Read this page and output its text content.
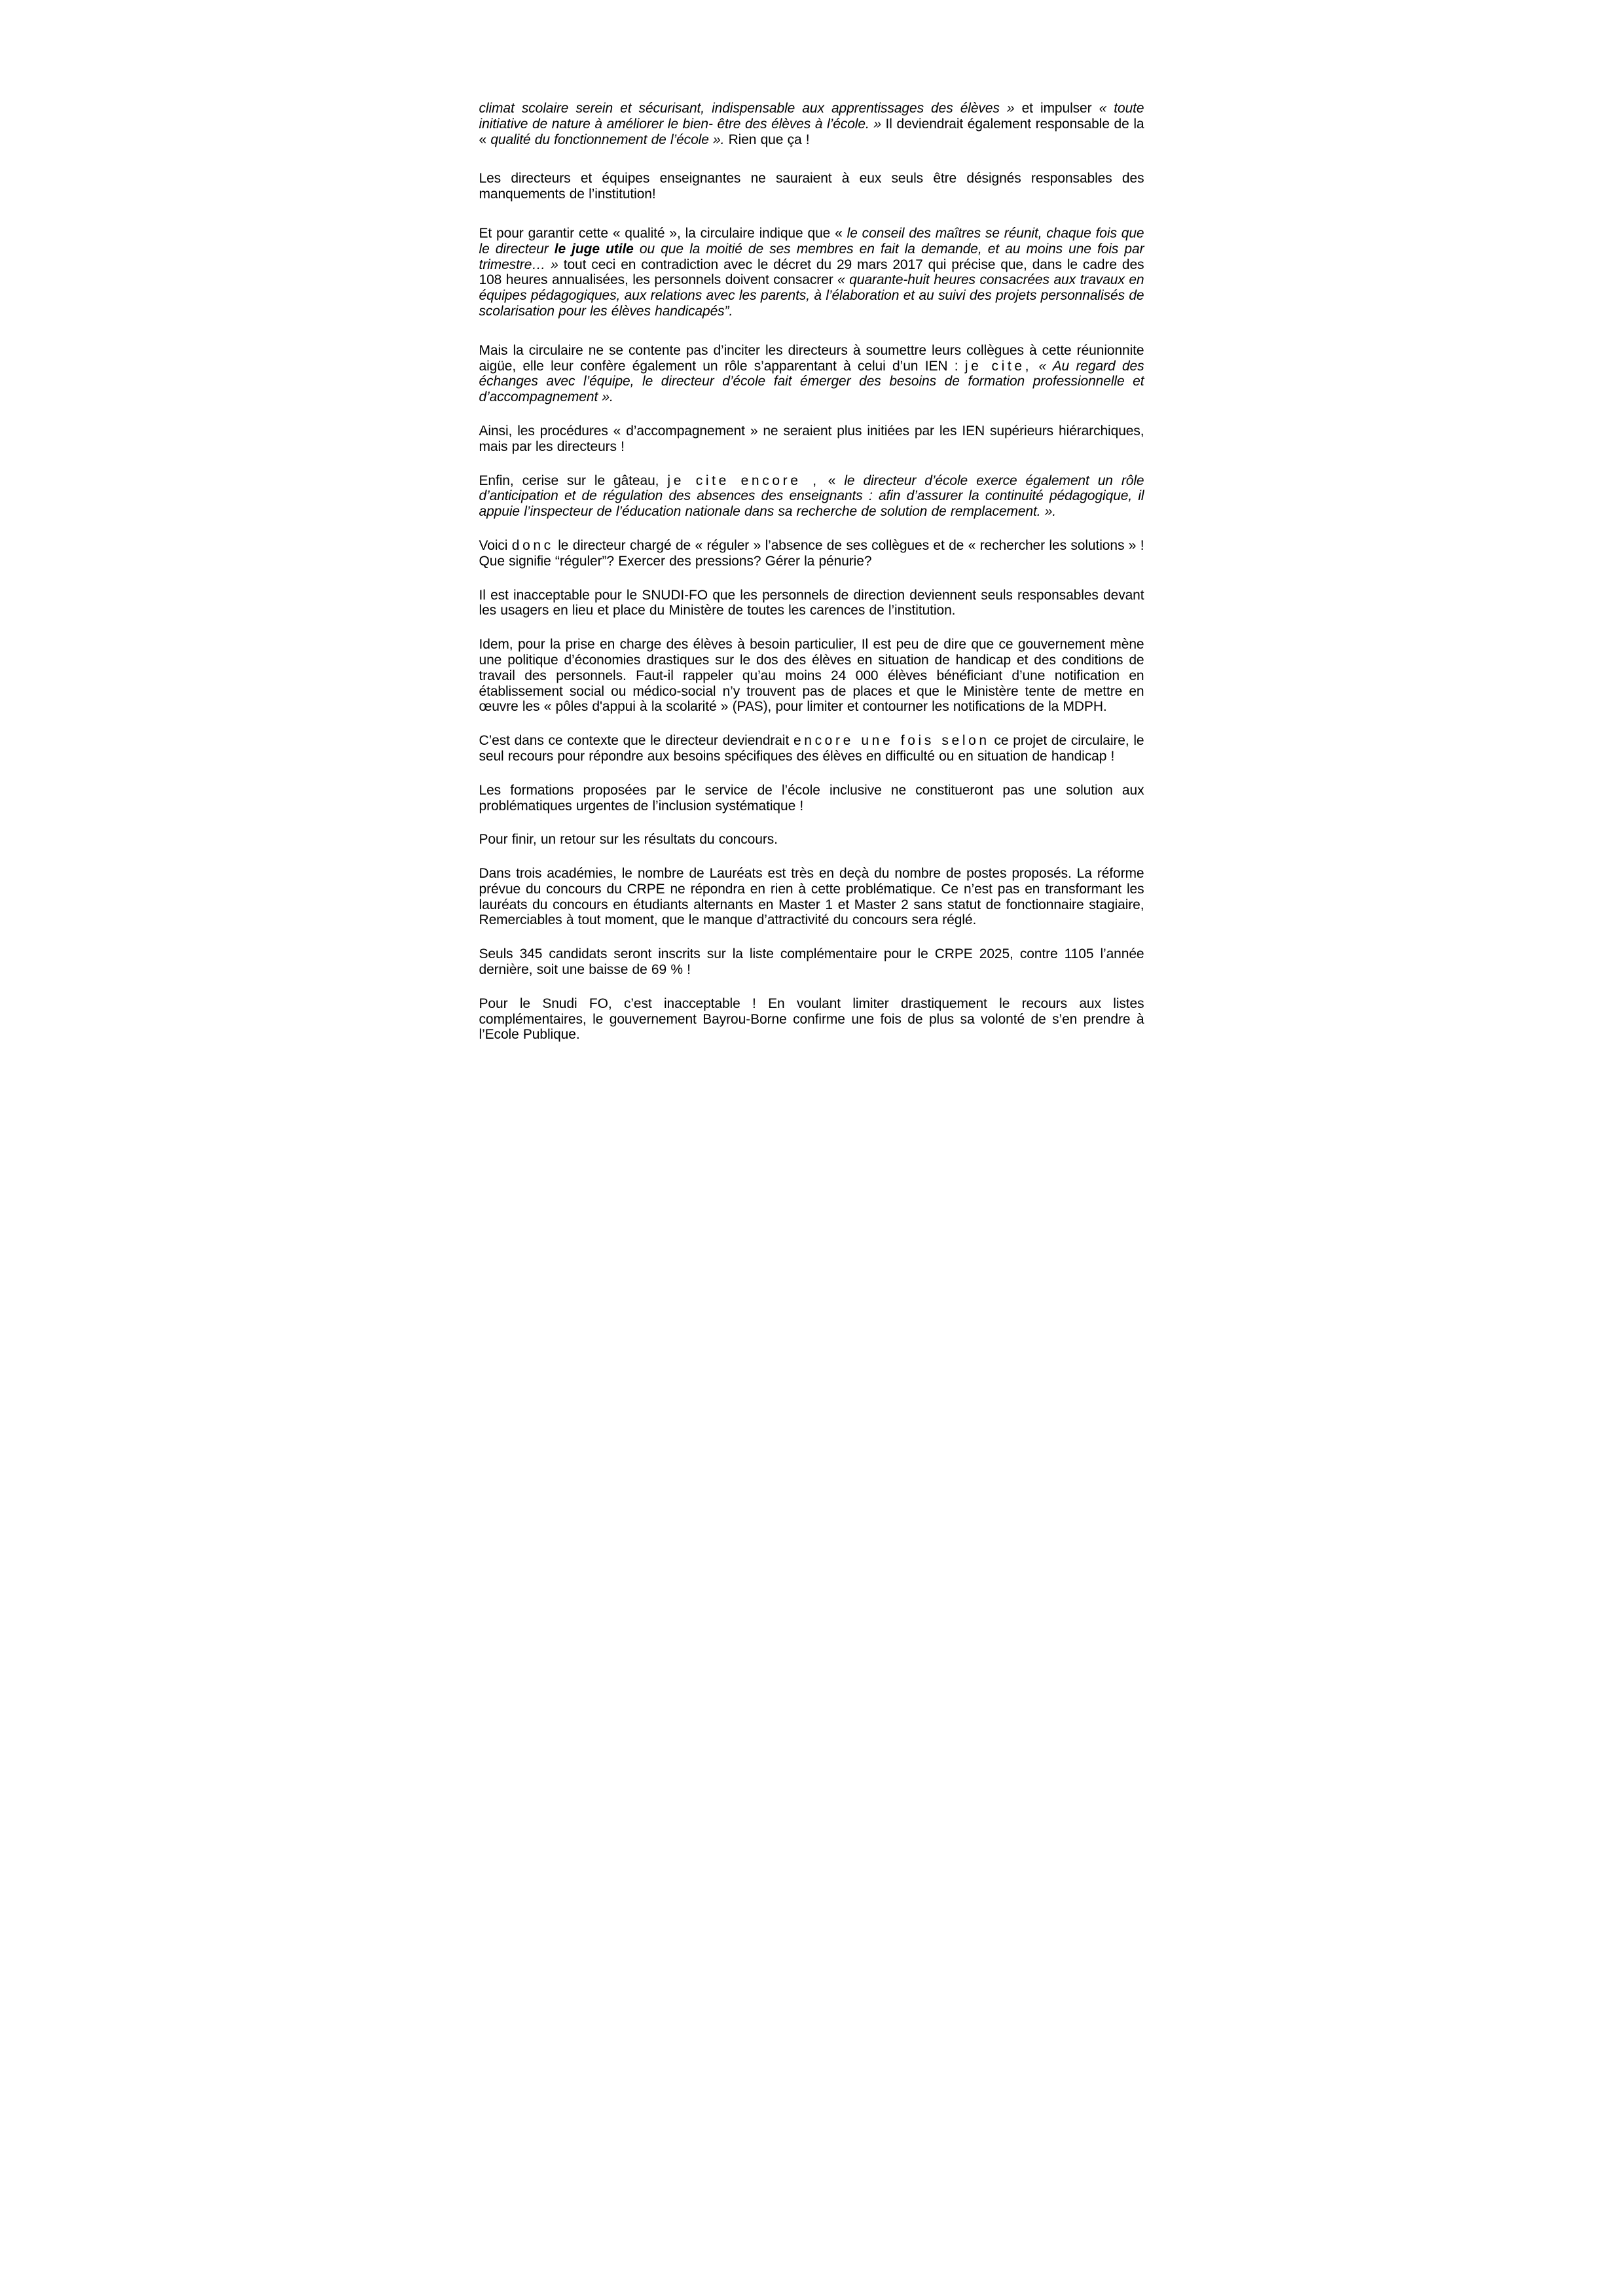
climat scolaire serein et sécurisant, indispensable aux apprentissages des élèves » et impulser « toute initiative de nature à améliorer le bien- être des élèves à l’école. » Il deviendrait également responsable de la « qualité du fonctionnement de l’école ». Rien que ça !

Les directeurs et équipes enseignantes ne sauraient à eux seuls être désignés responsables des manquements de l’institution!

Et pour garantir cette « qualité », la circulaire indique que « le conseil des maîtres se réunit, chaque fois que le directeur le juge utile ou que la moitié de ses membres en fait la demande, et au moins une fois par trimestre… » tout ceci en contradiction avec le décret du 29 mars 2017 qui précise que, dans le cadre des 108 heures annualisées, les personnels doivent consacrer « quarante-huit heures consacrées aux travaux en équipes pédagogiques, aux relations avec les parents, à l’élaboration et au suivi des projets personnalisés de scolarisation pour les élèves handicapés”.

Mais la circulaire ne se contente pas d’inciter les directeurs à soumettre leurs collègues à cette réunionnite aigüe, elle leur confère également un rôle s’apparentant à celui d’un IEN : je cite, « Au regard des échanges avec l’équipe, le directeur d’école fait émerger des besoins de formation professionnelle et d’accompagnement ».

Ainsi, les procédures « d’accompagnement » ne seraient plus initiées par les IEN supérieurs hiérarchiques, mais par les directeurs !

Enfin, cerise sur le gâteau, je cite encore , « le directeur d’école exerce également un rôle d’anticipation et de régulation des absences des enseignants : afin d’assurer la continuité pédagogique, il appuie l’inspecteur de l’éducation nationale dans sa recherche de solution de remplacement. ».

Voici donc le directeur chargé de « réguler » l’absence de ses collègues et de « rechercher les solutions » ! Que signifie “réguler”? Exercer des pressions? Gérer la pénurie?

Il est inacceptable pour le SNUDI-FO que les personnels de direction deviennent seuls responsables devant les usagers en lieu et place du Ministère de toutes les carences de l’institution.

Idem, pour la prise en charge des élèves à besoin particulier, Il est peu de dire que ce gouvernement mène une politique d’économies drastiques sur le dos des élèves en situation de handicap et des conditions de travail des personnels. Faut-il rappeler qu’au moins 24 000 élèves bénéficiant d’une notification en établissement social ou médico-social n’y trouvent pas de places et que le Ministère tente de mettre en œuvre les « pôles d'appui à la scolarité » (PAS), pour limiter et contourner les notifications de la MDPH.

C’est dans ce contexte que le directeur deviendrait encore une fois selon ce projet de circulaire, le seul recours pour répondre aux besoins spécifiques des élèves en difficulté ou en situation de handicap !

Les formations proposées par le service de l’école inclusive ne constitueront pas une solution aux problématiques urgentes de l’inclusion systématique !

Pour finir, un retour sur les résultats du concours.

Dans trois académies, le nombre de Lauréats est très en deçà du nombre de postes proposés. La réforme prévue du concours du CRPE ne répondra en rien à cette problématique. Ce n’est pas en transformant les lauréats du concours en étudiants alternants en Master 1 et Master 2 sans statut de fonctionnaire stagiaire, Remerciables à tout moment, que le manque d’attractivité du concours sera réglé.

Seuls 345 candidats seront inscrits sur la liste complémentaire pour le CRPE 2025, contre 1105 l’année dernière, soit une baisse de 69 % !

Pour le Snudi FO, c’est inacceptable ! En voulant limiter drastiquement le recours aux listes complémentaires, le gouvernement Bayrou-Borne confirme une fois de plus sa volonté de s’en prendre à l’Ecole Publique.
